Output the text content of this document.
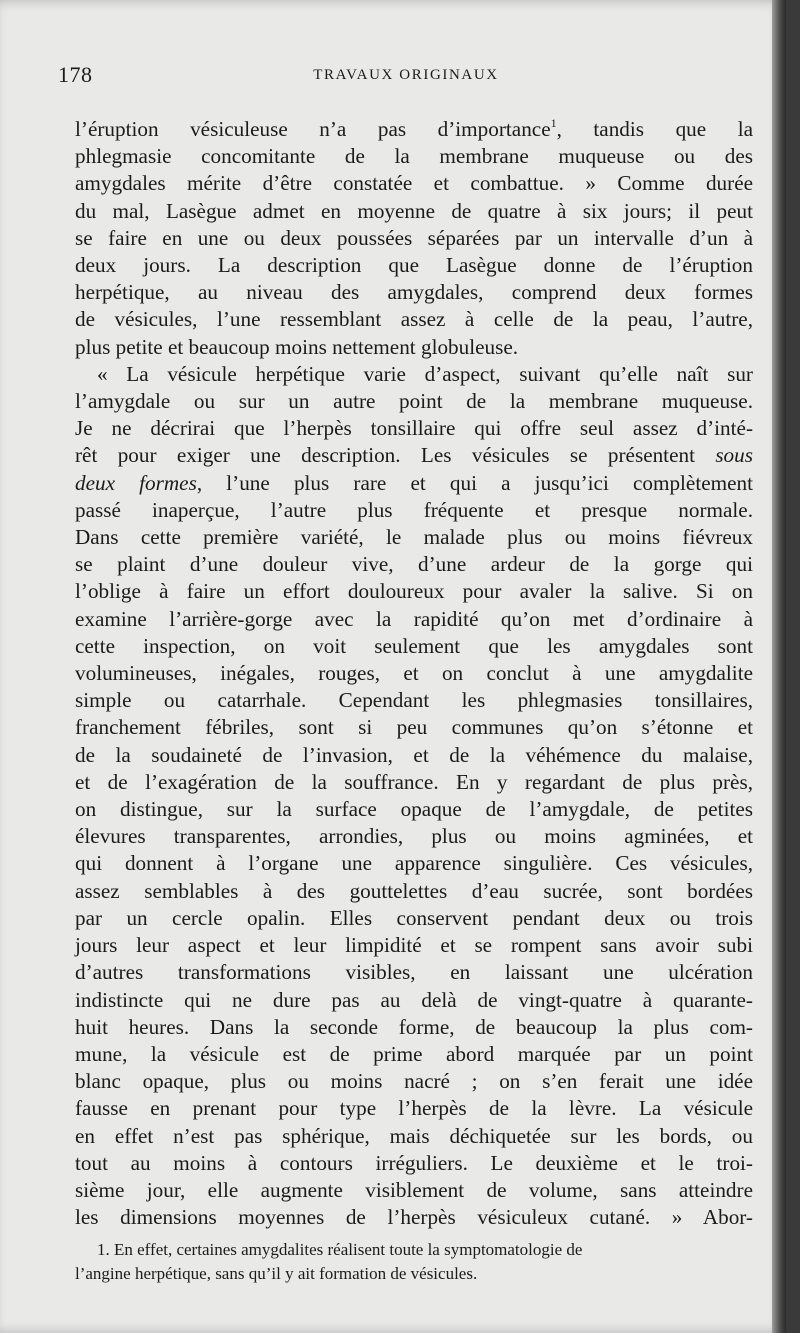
178	TRAVAUX ORIGINAUX
l’éruption vésiculeuse n’a pas d’importance$^1$, tandis que la
phlegmasie concomitante de la membrane muqueuse ou des
amygdales mérite d’être constatée et combattue. » Comme durée
du mal, Lasègue admet en moyenne de quatre à six jours; il peut
se faire en une ou deux poussées séparées par un intervalle d’un à
deux jours. La description que Lasègue donne de l’éruption
herpétique, au niveau des amygdales, comprend deux formes
de vésicules, l’une ressemblant assez à celle de la peau, l’autre,
plus petite et beaucoup moins nettement globuleuse.
« La vésicule herpétique varie d’aspect, suivant qu’elle naît sur
l’amygdale ou sur un autre point de la membrane muqueuse.
Je ne décrirai que l’herpès tonsillaire qui offre seul assez d’inté-
rêt pour exiger une description. Les vésicules se présentent sous
deux formes, l’une plus rare et qui a jusqu’ici complètement
passé inaperçue, l’autre plus fréquente et presque normale.
Dans cette première variété, le malade plus ou moins fiévreux
se plaint d’une douleur vive, d’une ardeur de la gorge qui
l’oblige à faire un effort douloureux pour avaler la salive. Si on
examine l’arrière-gorge avec la rapidité qu’on met d’ordinaire à
cette inspection, on voit seulement que les amygdales sont
volumineuses, inégales, rouges, et on conclut à une amygdalite
simple ou catarrhale. Cependant les phlegmasies tonsillaires,
franchement fébriles, sont si peu communes qu’on s’étonne et
de la soudaineté de l’invasion, et de la véhémence du malaise,
et de l’exagération de la souffrance. En y regardant de plus près,
on distingue, sur la surface opaque de l’amygdale, de petites
élevures transparentes, arrondies, plus ou moins agminées, et
qui donnent à l’organe une apparence singulière. Ces vésicules,
assez semblables à des gouttelettes d’eau sucrée, sont bordées
par un cercle opalin. Elles conservent pendant deux ou trois
jours leur aspect et leur limpidité et se rompent sans avoir subi
d’autres transformations visibles, en laissant une ulcération
indistincte qui ne dure pas au delà de vingt-quatre à quarante-
huit heures. Dans la seconde forme, de beaucoup la plus com-
mune, la vésicule est de prime abord marquée par un point
blanc opaque, plus ou moins nacré ; on s’en ferait une idée
fausse en prenant pour type l’herpès de la lèvre. La vésicule
en effet n’est pas sphérique, mais déchiquetée sur les bords, ou
tout au moins à contours irréguliers. Le deuxième et le troi-
sième jour, elle augmente visiblement de volume, sans atteindre
les dimensions moyennes de l’herpès vésiculeux cutané. » Abor-
1. En effet, certaines amygdalites réalisent toute la symptomatologie de
l’angine herpétique, sans qu’il y ait formation de vésicules.
